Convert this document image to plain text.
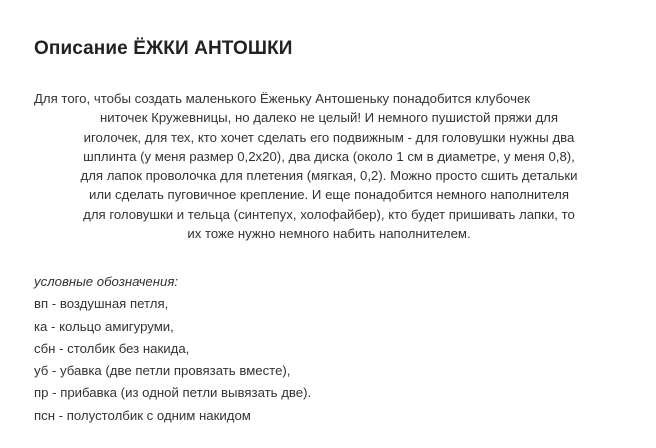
Описание ЁЖКИ АНТОШКИ
Для того, чтобы создать маленького Ёженьку Антошеньку понадобится клубочек
ниточек Кружевницы, но далеко не целый! И немного пушистой пряжи для
иголочек, для тех, кто хочет сделать его подвижным - для головушки нужны два
шплинта (у меня размер 0,2х20), два диска (около 1 см в диаметре, у меня 0,8),
для лапок проволочка для плетения (мягкая, 0,2). Можно просто сшить детальки
или сделать пуговичное крепление. И еще понадобится немного наполнителя
для головушки и тельца (синтепух, холофайбер), кто будет пришивать лапки, то
их тоже нужно немного набить наполнителем.
условные обозначения:
вп - воздушная петля,
ка - кольцо амигуруми,
сбн - столбик без накида,
уб - убавка (две петли провязать вместе),
пр - прибавка (из одной петли вывязать две).
псн - полустолбик с одним накидом
